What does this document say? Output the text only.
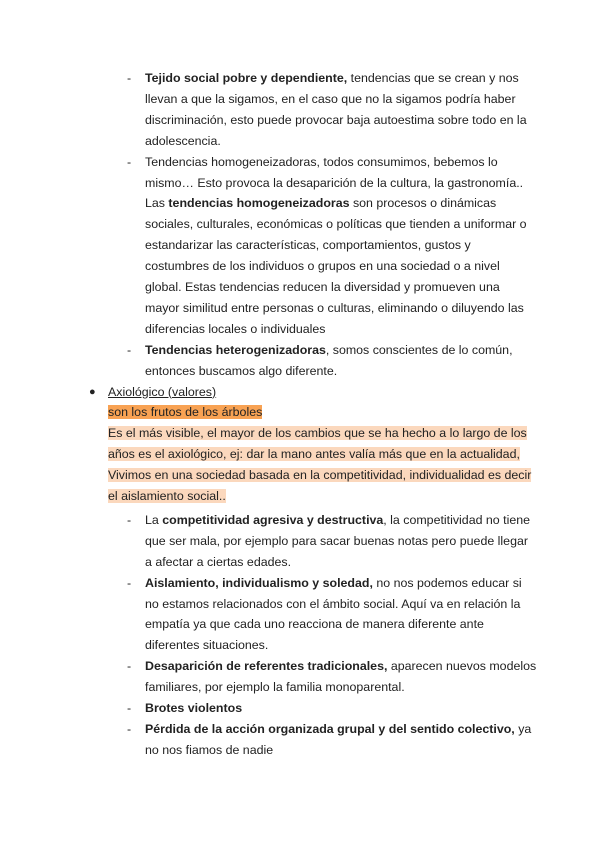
- Tejido social pobre y dependiente, tendencias que se crean y nos
llevan a que la sigamos, en el caso que no la sigamos podría haber
discriminación, esto puede provocar baja autoestima sobre todo en la
adolescencia.
- Tendencias homogeneizadoras, todos consumimos, bebemos lo
mismo… Esto provoca la desaparición de la cultura, la gastronomía..
Las tendencias homogeneizadoras son procesos o dinámicas
sociales, culturales, económicas o políticas que tienden a uniformar o
estandarizar las características, comportamientos, gustos y
costumbres de los individuos o grupos en una sociedad o a nivel
global. Estas tendencias reducen la diversidad y promueven una
mayor similitud entre personas o culturas, eliminando o diluyendo las
diferencias locales o individuales
- Tendencias heterogenizadoras, somos conscientes de lo común,
entonces buscamos algo diferente.
● Axiológico (valores)
son los frutos de los árboles
Es el más visible, el mayor de los cambios que se ha hecho a lo largo de los
años es el axiológico, ej: dar la mano antes valía más que en la actualidad,
Vivimos en una sociedad basada en la competitividad, individualidad es decir
el aislamiento social..
- La competitividad agresiva y destructiva, la competitividad no tiene
que ser mala, por ejemplo para sacar buenas notas pero puede llegar
a afectar a ciertas edades.
- Aislamiento, individualismo y soledad, no nos podemos educar si
no estamos relacionados con el ámbito social. Aquí va en relación la
empatía ya que cada uno reacciona de manera diferente ante
diferentes situaciones.
- Desaparición de referentes tradicionales, aparecen nuevos modelos
familiares, por ejemplo la familia monoparental.
- Brotes violentos
- Pérdida de la acción organizada grupal y del sentido colectivo, ya
no nos fiamos de nadie
